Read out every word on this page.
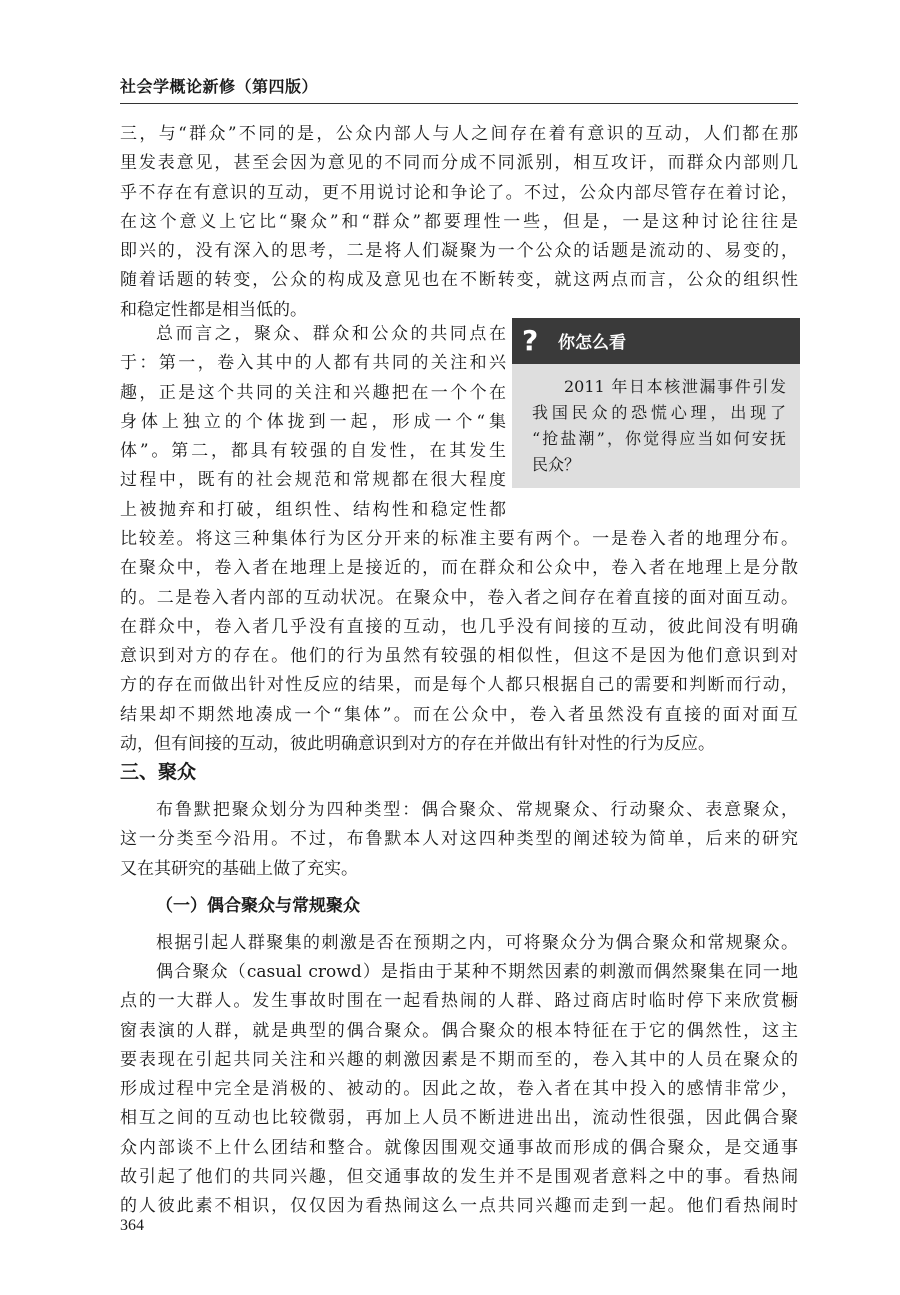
社会学概论新修（第四版）
三，与“群众”不同的是，公众内部人与人之间存在着有意识的互动，人们都在那
里发表意见，甚至会因为意见的不同而分成不同派别，相互攻讦，而群众内部则几
乎不存在有意识的互动，更不用说讨论和争论了。不过，公众内部尽管存在着讨论，
在这个意义上它比“聚众”和“群众”都要理性一些，但是，一是这种讨论往往是
即兴的，没有深入的思考，二是将人们凝聚为一个公众的话题是流动的、易变的，
随着话题的转变，公众的构成及意见也在不断转变，就这两点而言，公众的组织性
和稳定性都是相当低的。
总而言之，聚众、群众和公众的共同点在
于：第一，卷入其中的人都有共同的关注和兴
趣，正是这个共同的关注和兴趣把在一个个在
身体上独立的个体拢到一起，形成一个“集
体”。第二，都具有较强的自发性，在其发生
过程中，既有的社会规范和常规都在很大程度
上被抛弃和打破，组织性、结构性和稳定性都
?	你怎么看
2011 年日本核泄漏事件引发
我国民众的恐慌心理，出现了
“抢盐潮”，你觉得应当如何安抚
民众？
比较差。将这三种集体行为区分开来的标准主要有两个。一是卷入者的地理分布。
在聚众中，卷入者在地理上是接近的，而在群众和公众中，卷入者在地理上是分散
的。二是卷入者内部的互动状况。在聚众中，卷入者之间存在着直接的面对面互动。
在群众中，卷入者几乎没有直接的互动，也几乎没有间接的互动，彼此间没有明确
意识到对方的存在。他们的行为虽然有较强的相似性，但这不是因为他们意识到对
方的存在而做出针对性反应的结果，而是每个人都只根据自己的需要和判断而行动，
结果却不期然地凑成一个“集体”。而在公众中，卷入者虽然没有直接的面对面互
动，但有间接的互动，彼此明确意识到对方的存在并做出有针对性的行为反应。
三、聚众
布鲁默把聚众划分为四种类型：偶合聚众、常规聚众、行动聚众、表意聚众，
这一分类至今沿用。不过，布鲁默本人对这四种类型的阐述较为简单，后来的研究
又在其研究的基础上做了充实。
（一）偶合聚众与常规聚众
根据引起人群聚集的刺激是否在预期之内，可将聚众分为偶合聚众和常规聚众。
偶合聚众（casual crowd）是指由于某种不期然因素的刺激而偶然聚集在同一地
点的一大群人。发生事故时围在一起看热闹的人群、路过商店时临时停下来欣赏橱
窗表演的人群，就是典型的偶合聚众。偶合聚众的根本特征在于它的偶然性，这主
要表现在引起共同关注和兴趣的刺激因素是不期而至的，卷入其中的人员在聚众的
形成过程中完全是消极的、被动的。因此之故，卷入者在其中投入的感情非常少，
相互之间的互动也比较微弱，再加上人员不断进进出出，流动性很强，因此偶合聚
众内部谈不上什么团结和整合。就像因围观交通事故而形成的偶合聚众，是交通事
故引起了他们的共同兴趣，但交通事故的发生并不是围观者意料之中的事。看热闹
的人彼此素不相识，仅仅因为看热闹这么一点共同兴趣而走到一起。他们看热闹时
364
